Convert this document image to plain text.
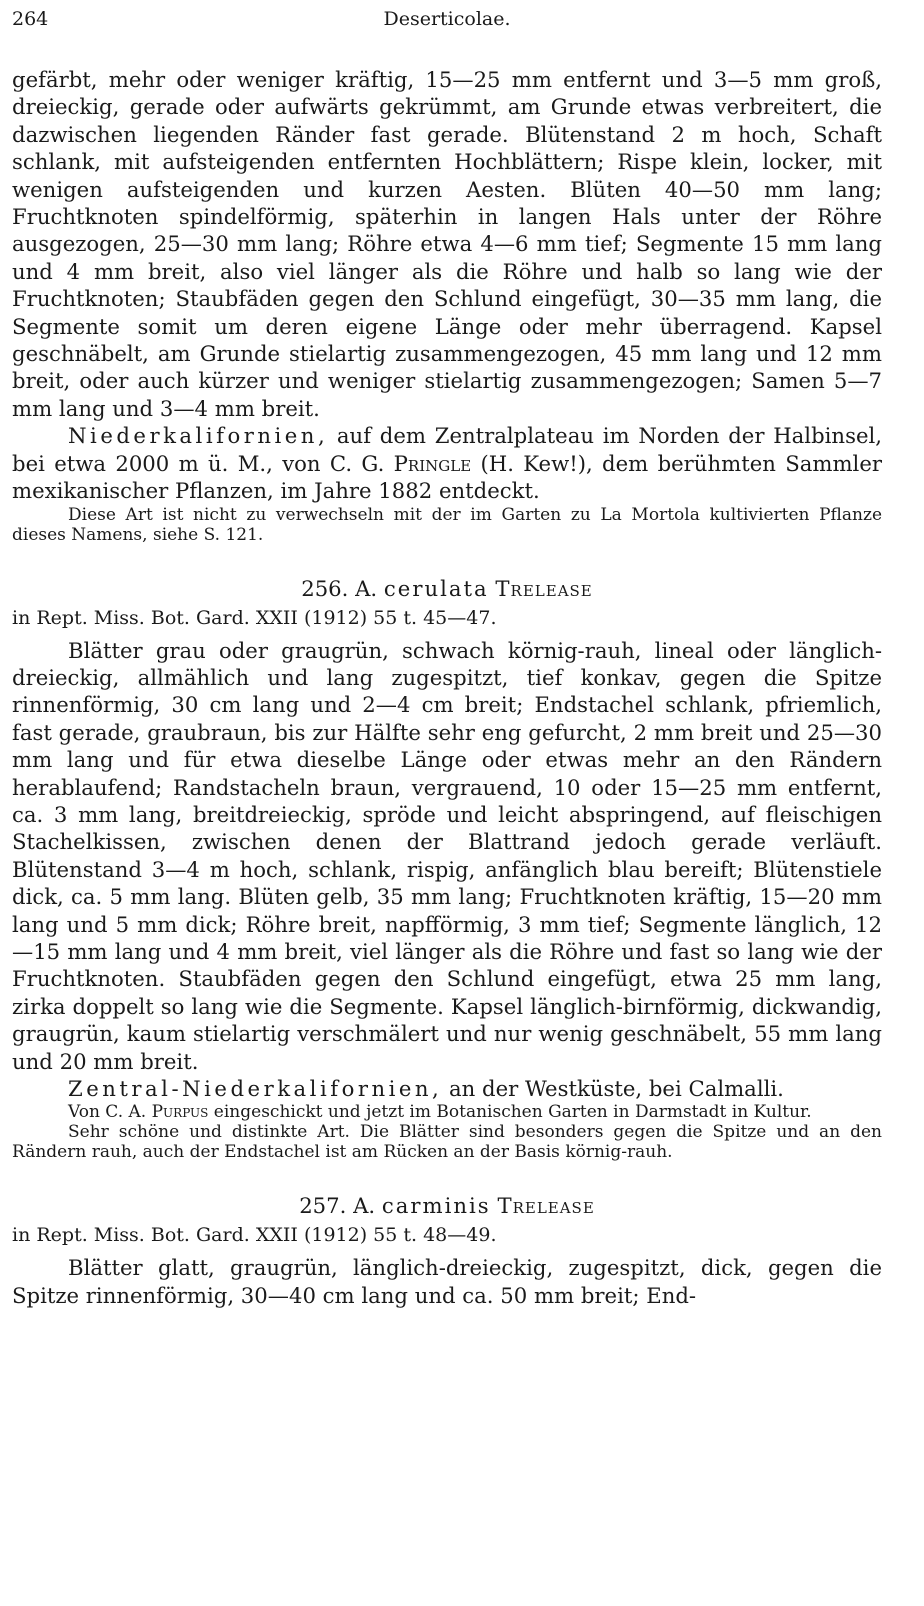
264	Deserticolae.

gefärbt, mehr oder weniger kräftig, 15—25 mm entfernt und 3—5 mm groß, dreieckig, gerade oder aufwärts gekrümmt, am Grunde etwas verbreitert, die dazwischen liegenden Ränder fast gerade. Blütenstand 2 m hoch, Schaft schlank, mit aufsteigenden entfernten Hochblättern; Rispe klein, locker, mit wenigen aufsteigenden und kurzen Aesten. Blüten 40—50 mm lang; Fruchtknoten spindelförmig, späterhin in langen Hals unter der Röhre ausgezogen, 25—30 mm lang; Röhre etwa 4—6 mm tief; Segmente 15 mm lang und 4 mm breit, also viel länger als die Röhre und halb so lang wie der Fruchtknoten; Staubfäden gegen den Schlund eingefügt, 30—35 mm lang, die Segmente somit um deren eigene Länge oder mehr überragend. Kapsel geschnäbelt, am Grunde stielartig zusammengezogen, 45 mm lang und 12 mm breit, oder auch kürzer und weniger stielartig zusammengezogen; Samen 5—7 mm lang und 3—4 mm breit.

Niederkalifornien, auf dem Zentralplateau im Norden der Halbinsel, bei etwa 2000 m ü. M., von C. G. Pringle (H. Kew!), dem berühmten Sammler mexikanischer Pflanzen, im Jahre 1882 entdeckt.

Diese Art ist nicht zu verwechseln mit der im Garten zu La Mortola kultivierten Pflanze dieses Namens, siehe S. 121.

256. A. cerulata Trelease
in Rept. Miss. Bot. Gard. XXII (1912) 55 t. 45—47.

Blätter grau oder graugrün, schwach körnig-rauh, lineal oder länglich-dreieckig, allmählich und lang zugespitzt, tief konkav, gegen die Spitze rinnenförmig, 30 cm lang und 2—4 cm breit; Endstachel schlank, pfriemlich, fast gerade, graubraun, bis zur Hälfte sehr eng gefurcht, 2 mm breit und 25—30 mm lang und für etwa dieselbe Länge oder etwas mehr an den Rändern herablaufend; Randstacheln braun, vergrauend, 10 oder 15—25 mm entfernt, ca. 3 mm lang, breitdreieckig, spröde und leicht abspringend, auf fleischigen Stachelkissen, zwischen denen der Blattrand jedoch gerade verläuft. Blütenstand 3—4 m hoch, schlank, rispig, anfänglich blau bereift; Blütenstiele dick, ca. 5 mm lang. Blüten gelb, 35 mm lang; Fruchtknoten kräftig, 15—20 mm lang und 5 mm dick; Röhre breit, napfförmig, 3 mm tief; Segmente länglich, 12—15 mm lang und 4 mm breit, viel länger als die Röhre und fast so lang wie der Fruchtknoten. Staubfäden gegen den Schlund eingefügt, etwa 25 mm lang, zirka doppelt so lang wie die Segmente. Kapsel länglich-birnförmig, dickwandig, graugrün, kaum stielartig verschmälert und nur wenig geschnäbelt, 55 mm lang und 20 mm breit.

Zentral-Niederkalifornien, an der Westküste, bei Calmalli.

Von C. A. Purpus eingeschickt und jetzt im Botanischen Garten in Darmstadt in Kultur.

Sehr schöne und distinkte Art. Die Blätter sind besonders gegen die Spitze und an den Rändern rauh, auch der Endstachel ist am Rücken an der Basis körnig-rauh.

257. A. carminis Trelease
in Rept. Miss. Bot. Gard. XXII (1912) 55 t. 48—49.

Blätter glatt, graugrün, länglich-dreieckig, zugespitzt, dick, gegen die Spitze rinnenförmig, 30—40 cm lang und ca. 50 mm breit; End-
